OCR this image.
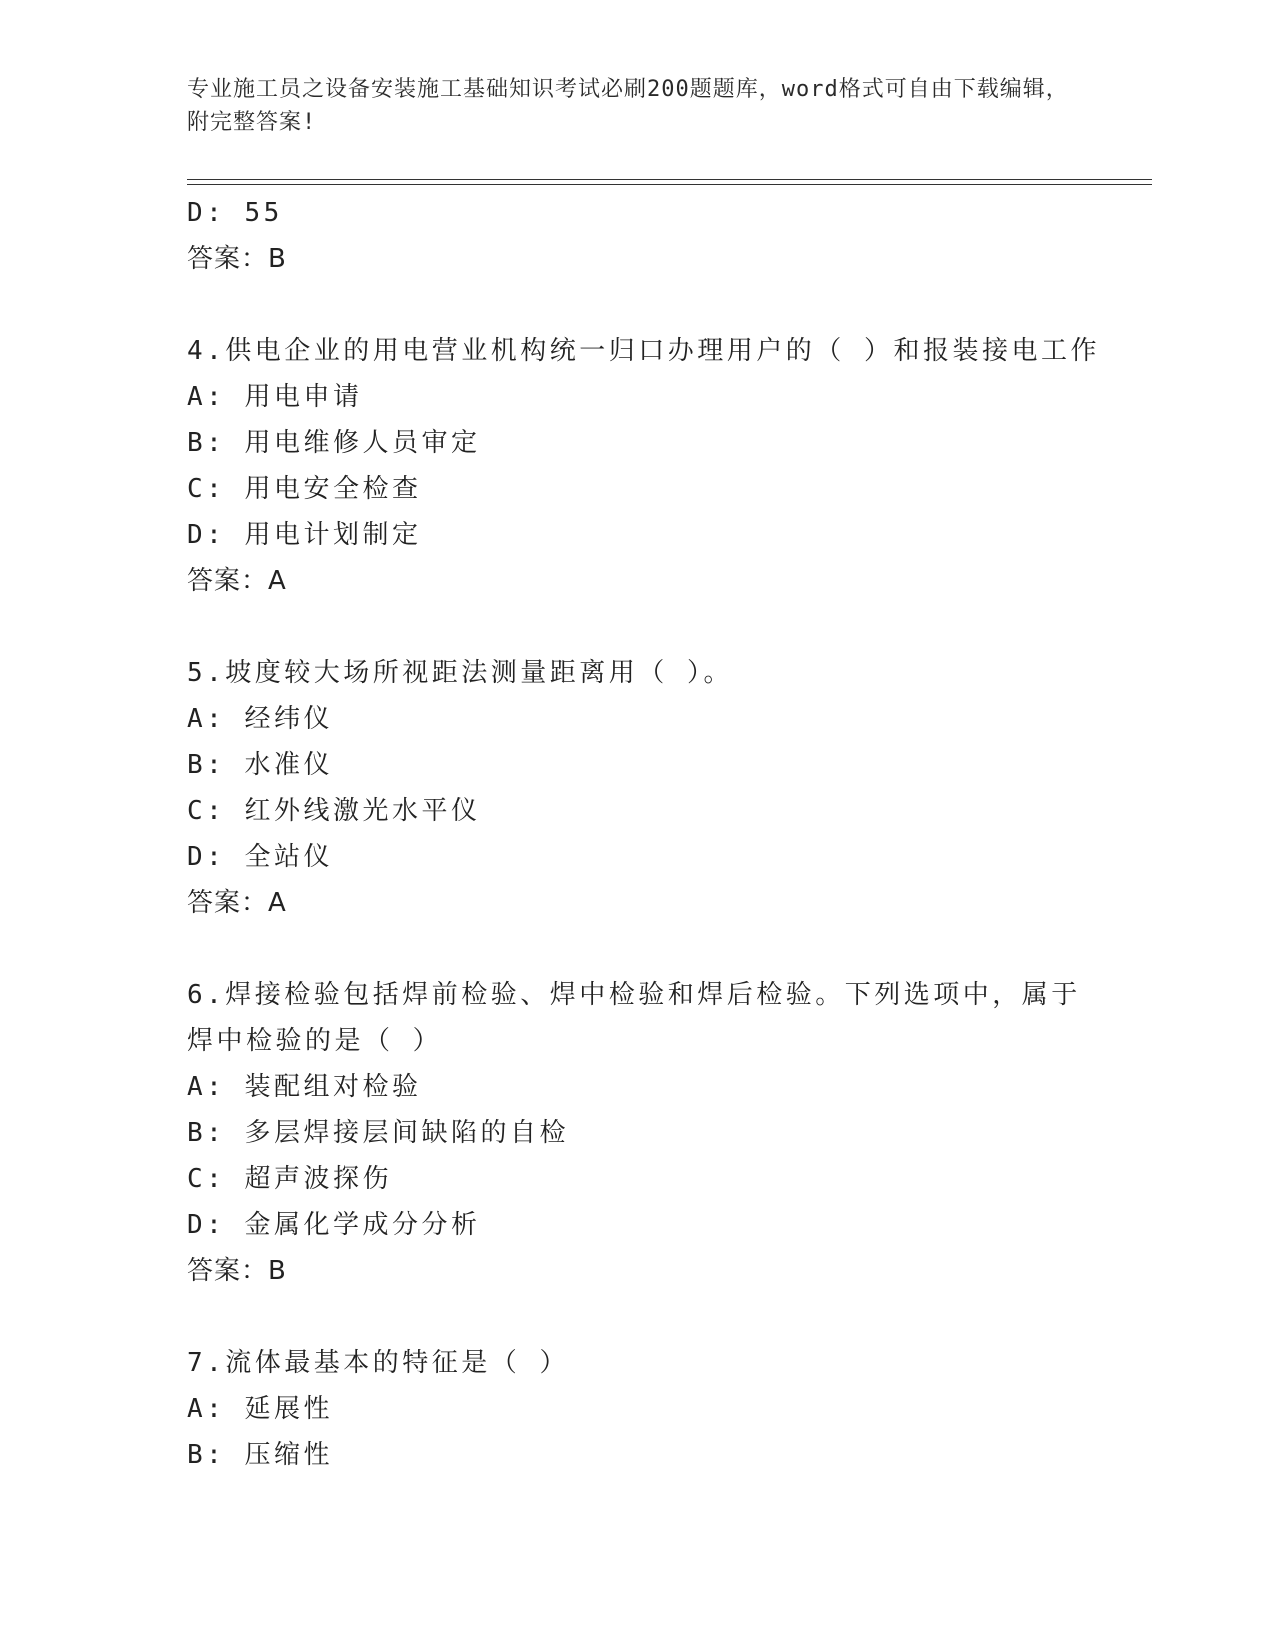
专业施工员之设备安装施工基础知识考试必刷200题题库，word格式可自由下载编辑，附完整答案!
D: 55
答案：B
4.供电企业的用电营业机构统一归口办理用户的（ ）和报装接电工作
A: 用电申请
B: 用电维修人员审定
C: 用电安全检查
D: 用电计划制定
答案：A
5.坡度较大场所视距法测量距离用（ ）。
A: 经纬仪
B: 水准仪
C: 红外线激光水平仪
D: 全站仪
答案：A
6.焊接检验包括焊前检验、焊中检验和焊后检验。下列选项中，属于
焊中检验的是（ ）
A: 装配组对检验
B: 多层焊接层间缺陷的自检
C: 超声波探伤
D: 金属化学成分分析
答案：B
7.流体最基本的特征是（ ）
A: 延展性
B: 压缩性
